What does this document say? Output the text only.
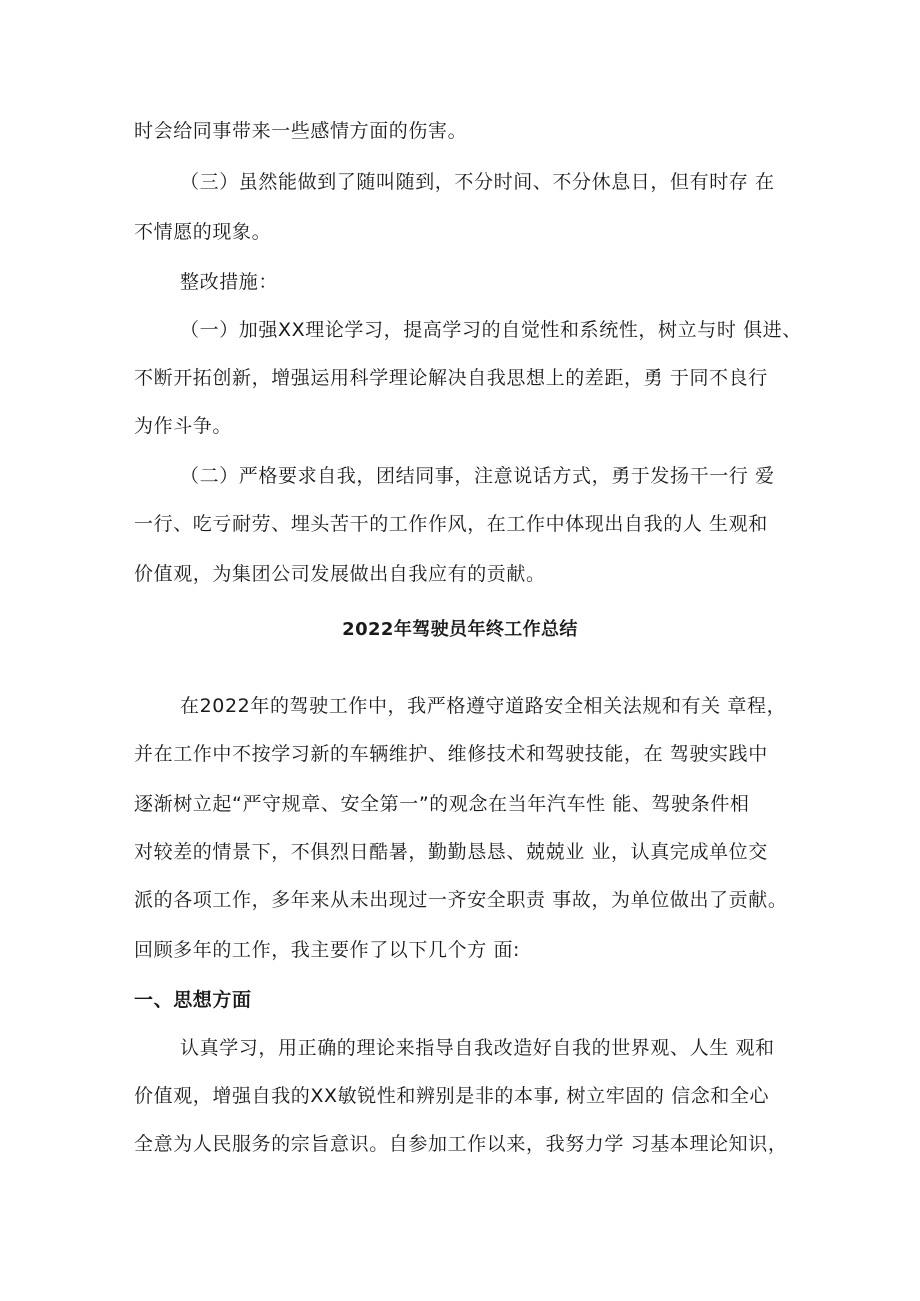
时会给同事带来一些感情方面的伤害。
（三）虽然能做到了随叫随到，不分时间、不分休息日，但有时存 在
不情愿的现象。
整改措施：
（一）加强XX理论学习，提高学习的自觉性和系统性，树立与时 俱进、
不断开拓创新，增强运用科学理论解决自我思想上的差距，勇 于同不良行
为作斗争。
（二）严格要求自我，团结同事，注意说话方式，勇于发扬干一行 爱
一行、吃亏耐劳、埋头苦干的工作作风，在工作中体现出自我的人 生观和
价值观，为集团公司发展做出自我应有的贡献。
2022年驾驶员年终工作总结
在2022年的驾驶工作中，我严格遵守道路安全相关法规和有关 章程，
并在工作中不按学习新的车辆维护、维修技术和驾驶技能，在 驾驶实践中
逐渐树立起“严守规章、安全第一”的观念在当年汽车性 能、驾驶条件相
对较差的情景下，不俱烈日酷暑，勤勤恳恳、兢兢业 业，认真完成单位交
派的各项工作，多年来从未出现过一齐安全职责 事故，为单位做出了贡献。
回顾多年的工作，我主要作了以下几个方 面:
一、思想方面
认真学习，用正确的理论来指导自我改造好自我的世界观、人生 观和
价值观，增强自我的XX敏锐性和辨别是非的本事, 树立牢固的 信念和全心
全意为人民服务的宗旨意识。自参加工作以来，我努力学 习基本理论知识，
